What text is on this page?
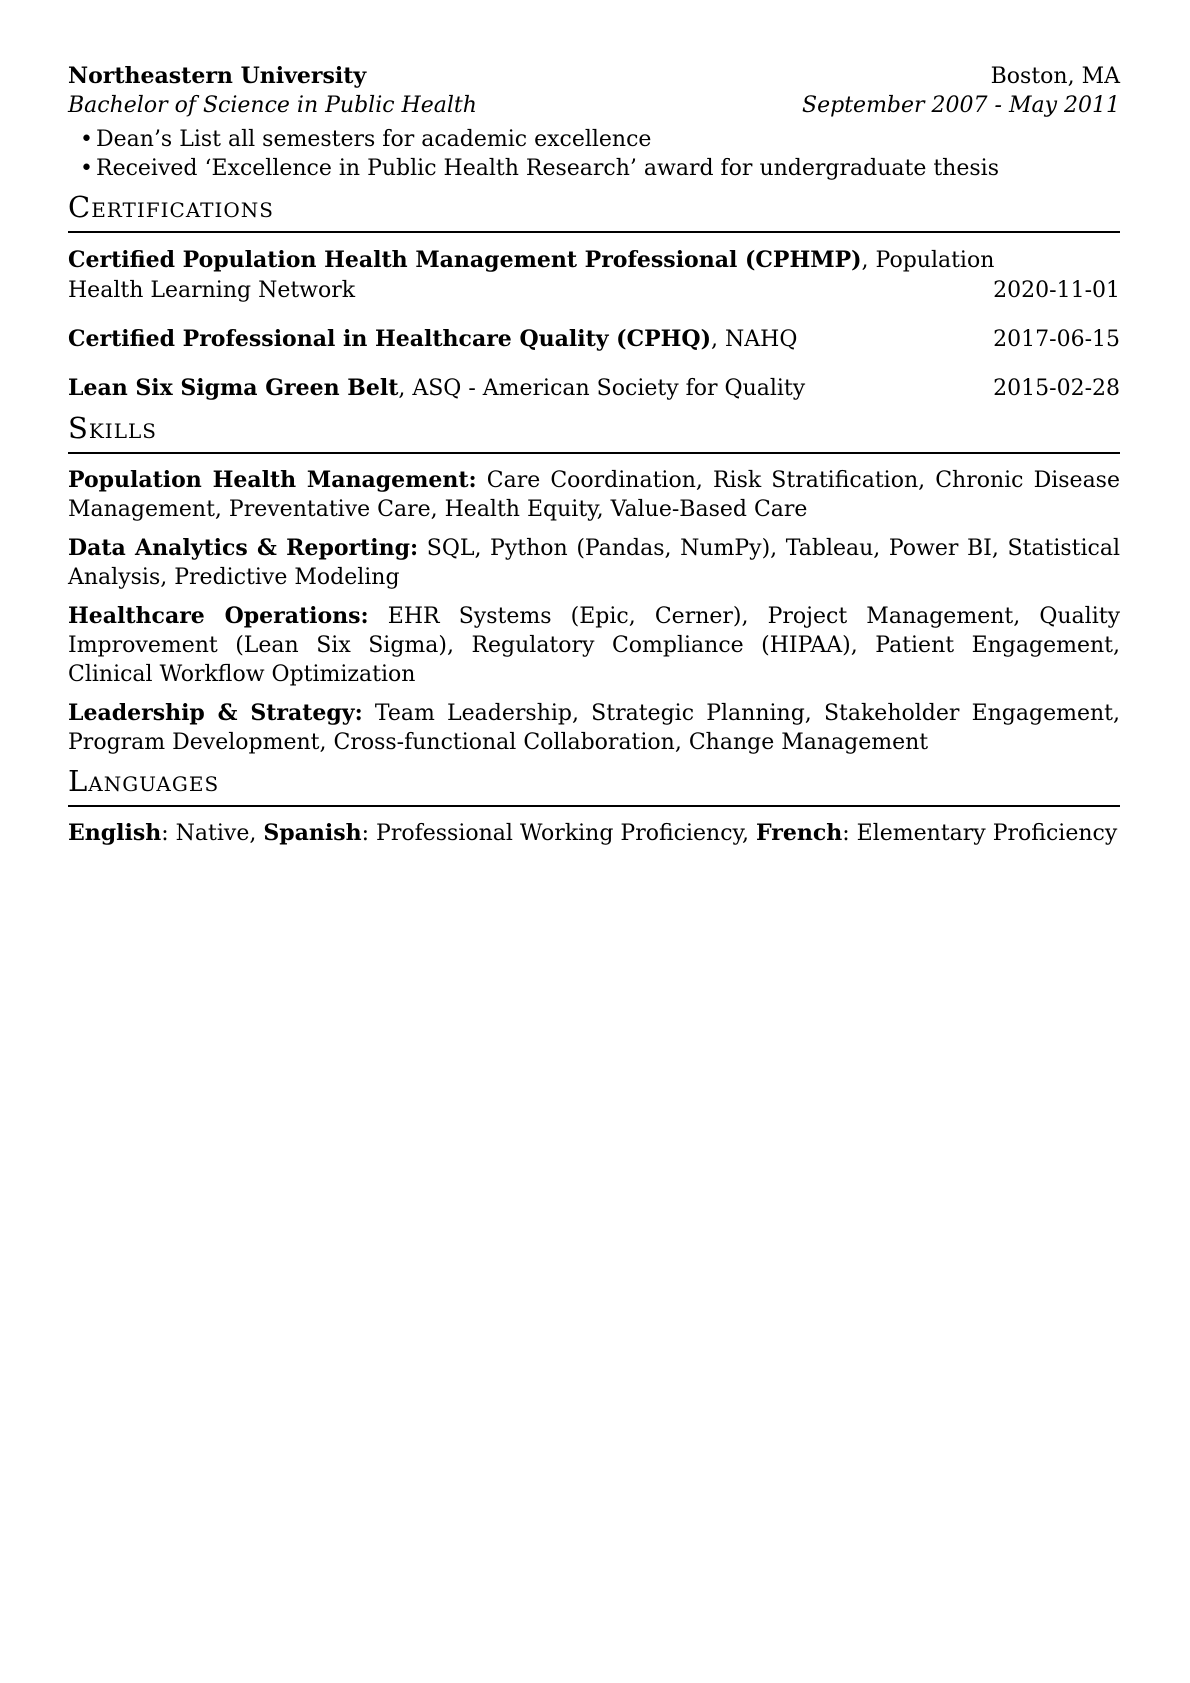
Northeastern University	Boston, MA
Bachelor of Science in Public Health	September 2007 - May 2011
• Dean’s List all semesters for academic excellence
• Received ‘Excellence in Public Health Research’ award for undergraduate thesis
Certifications
Certified Population Health Management Professional (CPHMP), Population Health Learning Network	2020-11-01
Certified Professional in Healthcare Quality (CPHQ), NAHQ	2017-06-15
Lean Six Sigma Green Belt, ASQ - American Society for Quality	2015-02-28
Skills

Population Health Management: Care Coordination, Risk Stratification, Chronic Disease Management, Preventative Care, Health Equity, Value-Based Care

Data Analytics & Reporting: SQL, Python (Pandas, NumPy), Tableau, Power BI, Statistical Analysis, Predictive Modeling

Healthcare Operations: EHR Systems (Epic, Cerner), Project Management, Quality Improvement (Lean Six Sigma), Regulatory Compliance (HIPAA), Patient Engagement, Clinical Workflow Optimization

Leadership & Strategy: Team Leadership, Strategic Planning, Stakeholder Engagement, Program Development, Cross-functional Collaboration, Change Management

Languages

English: Native, Spanish: Professional Working Proficiency, French: Elementary Proficiency
